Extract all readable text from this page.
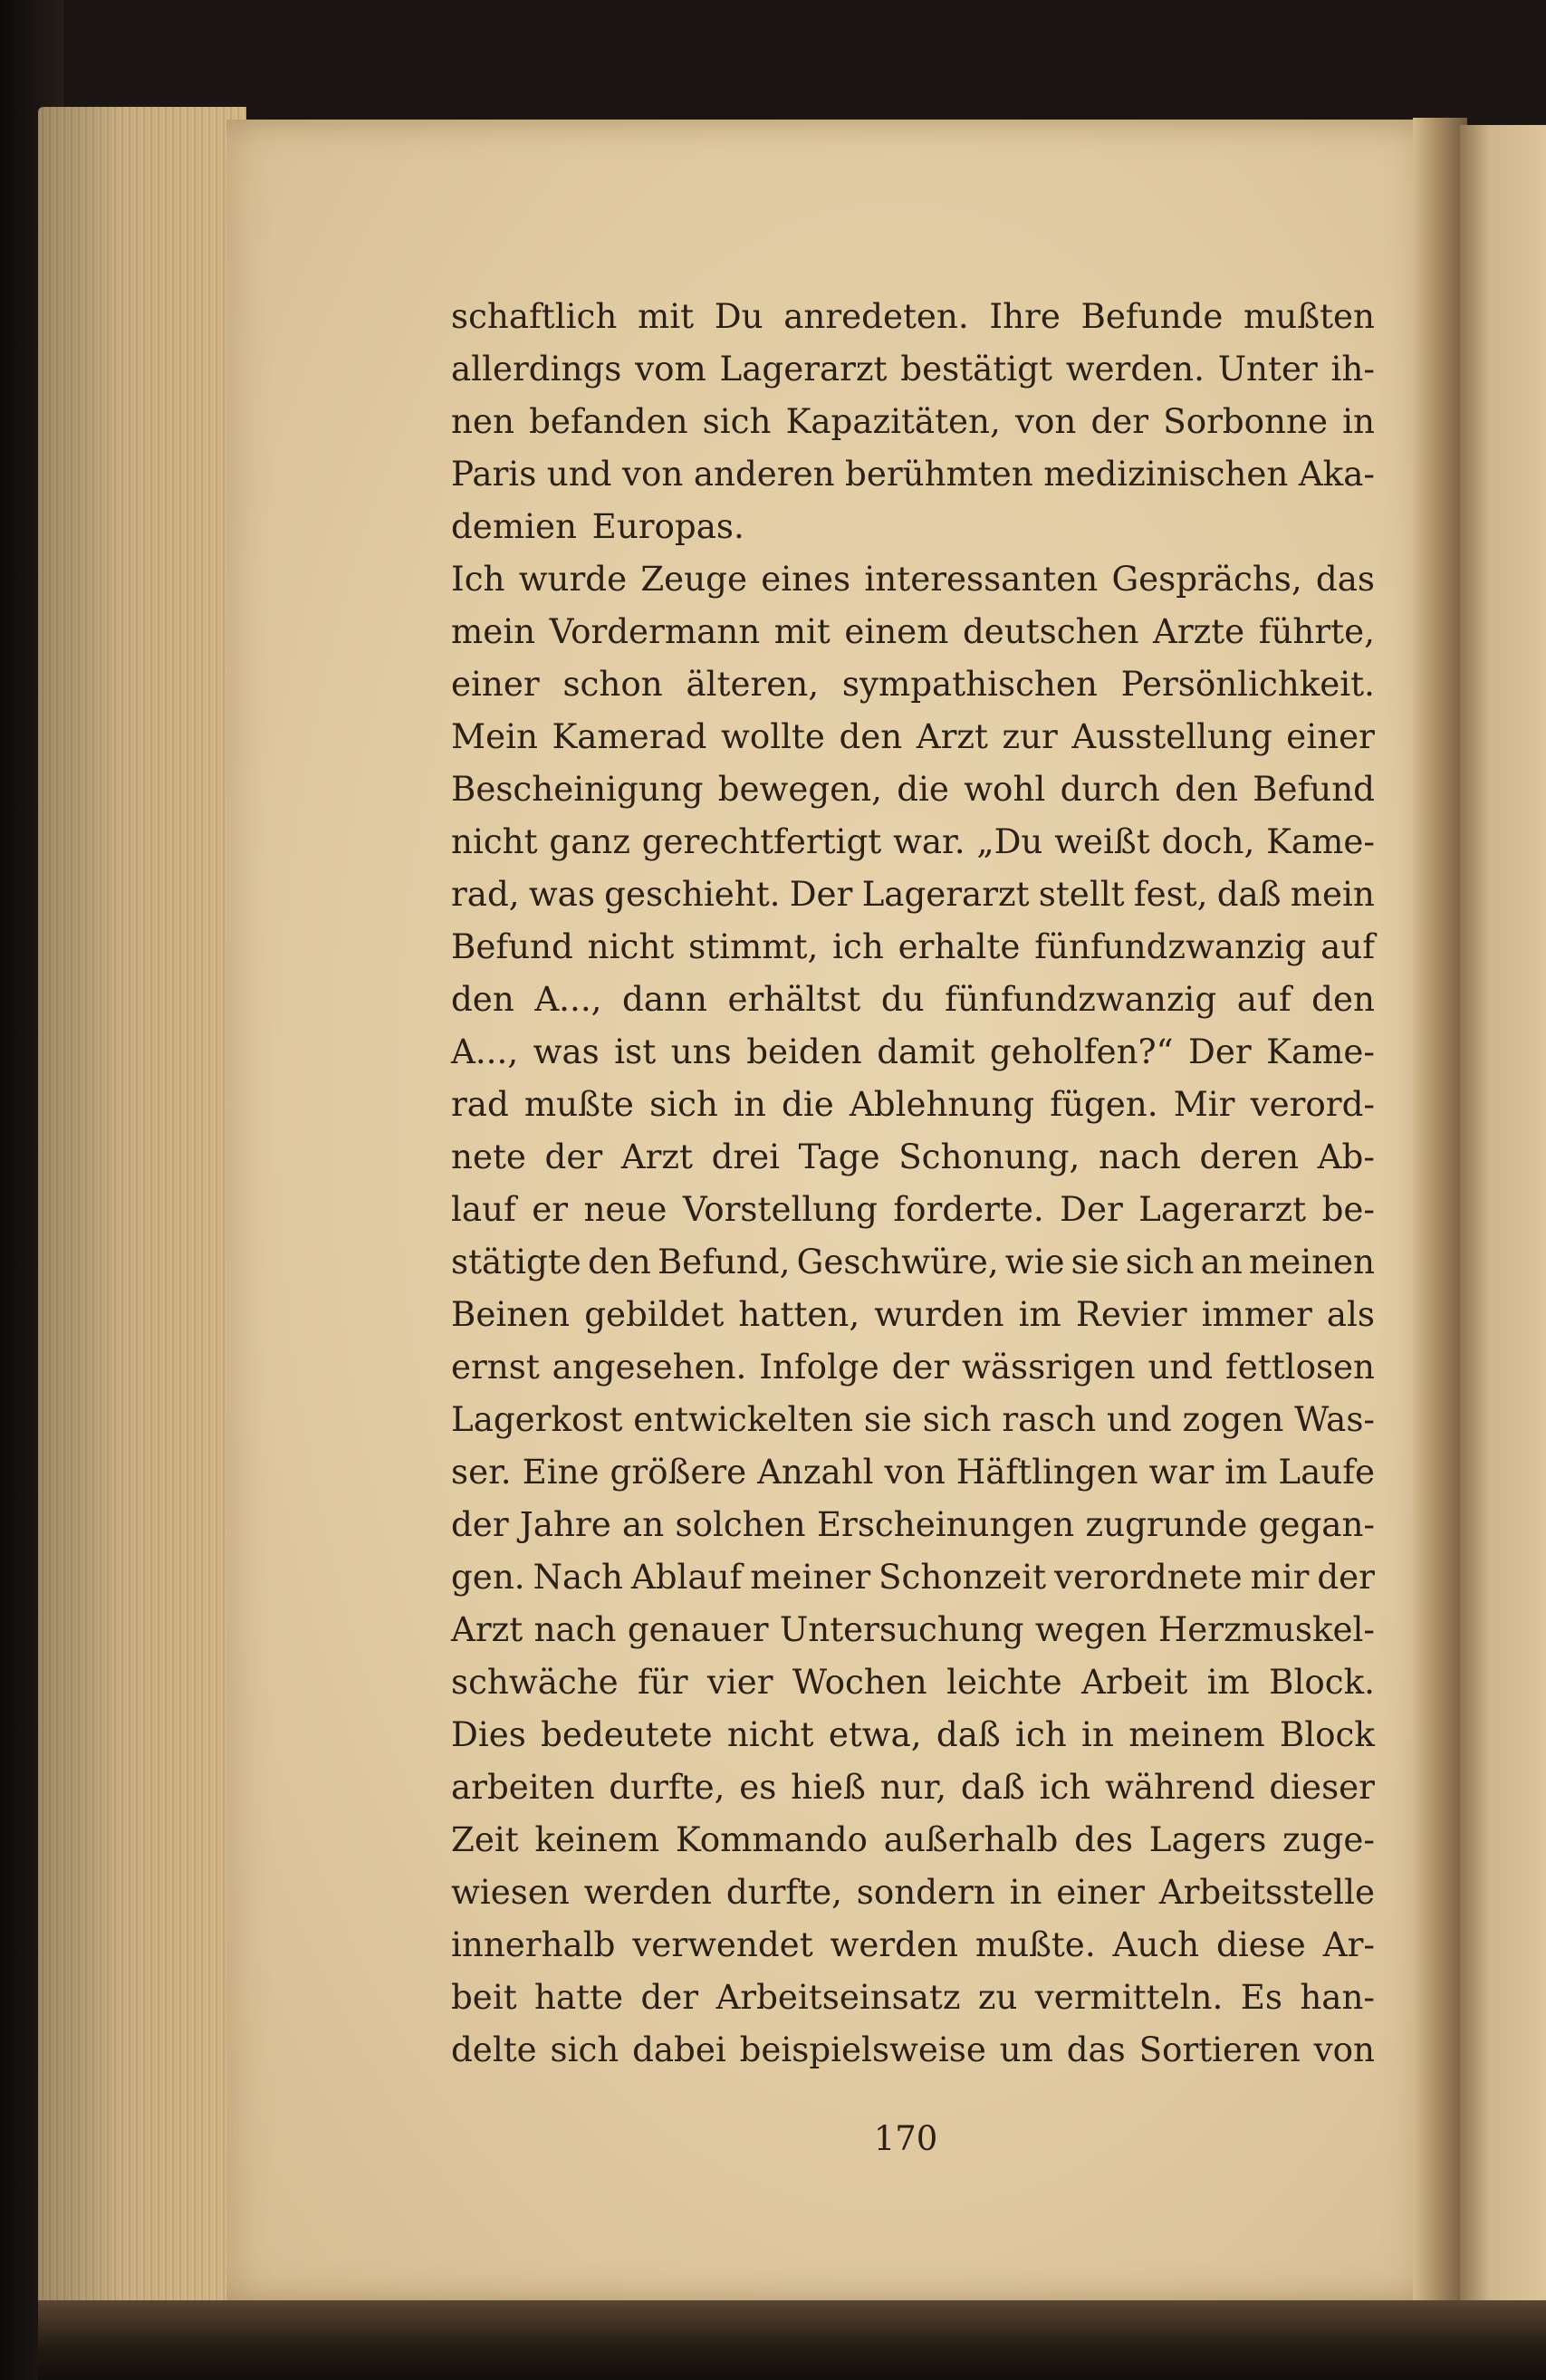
schaftlich mit Du anredeten. Ihre Befunde mußten
allerdings vom Lagerarzt bestätigt werden. Unter ih-
nen befanden sich Kapazitäten, von der Sorbonne in
Paris und von anderen berühmten medizinischen Aka-
demien Europas.
Ich wurde Zeuge eines interessanten Gesprächs, das
mein Vordermann mit einem deutschen Arzte führte,
einer schon älteren, sympathischen Persönlichkeit.
Mein Kamerad wollte den Arzt zur Ausstellung einer
Bescheinigung bewegen, die wohl durch den Befund
nicht ganz gerechtfertigt war. „Du weißt doch, Kame-
rad, was geschieht. Der Lagerarzt stellt fest, daß mein
Befund nicht stimmt, ich erhalte fünfundzwanzig auf
den A..., dann erhältst du fünfundzwanzig auf den
A..., was ist uns beiden damit geholfen?“ Der Kame-
rad mußte sich in die Ablehnung fügen. Mir verord-
nete der Arzt drei Tage Schonung, nach deren Ab-
lauf er neue Vorstellung forderte. Der Lagerarzt be-
stätigte den Befund, Geschwüre, wie sie sich an meinen
Beinen gebildet hatten, wurden im Revier immer als
ernst angesehen. Infolge der wässrigen und fettlosen
Lagerkost entwickelten sie sich rasch und zogen Was-
ser. Eine größere Anzahl von Häftlingen war im Laufe
der Jahre an solchen Erscheinungen zugrunde gegan-
gen. Nach Ablauf meiner Schonzeit verordnete mir der
Arzt nach genauer Untersuchung wegen Herzmuskel-
schwäche für vier Wochen leichte Arbeit im Block.
Dies bedeutete nicht etwa, daß ich in meinem Block
arbeiten durfte, es hieß nur, daß ich während dieser
Zeit keinem Kommando außerhalb des Lagers zuge-
wiesen werden durfte, sondern in einer Arbeitsstelle
innerhalb verwendet werden mußte. Auch diese Ar-
beit hatte der Arbeitseinsatz zu vermitteln. Es han-
delte sich dabei beispielsweise um das Sortieren von
170
